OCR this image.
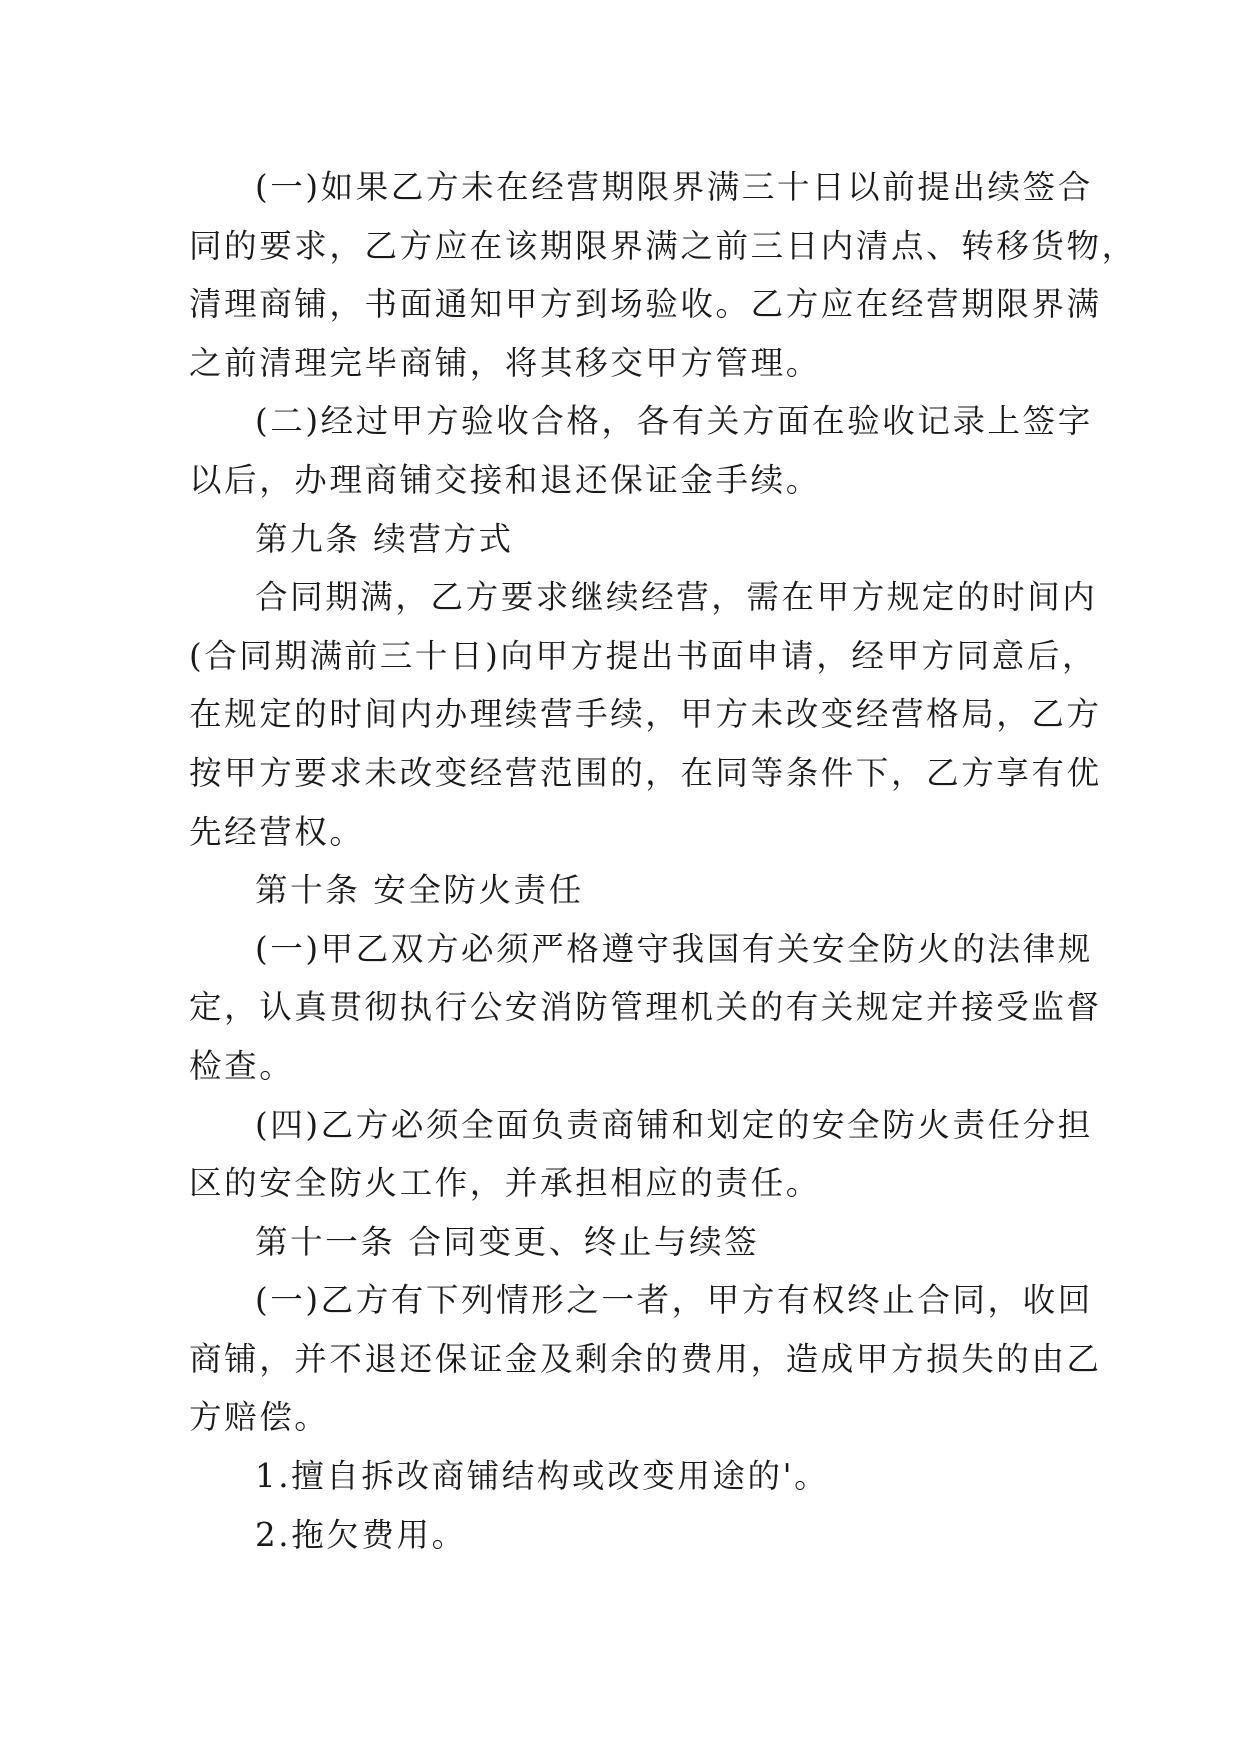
(一)如果乙方未在经营期限界满三十日以前提出续签合
同的要求，乙方应在该期限界满之前三日内清点、转移货物，
清理商铺，书面通知甲方到场验收。乙方应在经营期限界满
之前清理完毕商铺，将其移交甲方管理。
(二)经过甲方验收合格，各有关方面在验收记录上签字
以后，办理商铺交接和退还保证金手续。
第九条 续营方式
合同期满，乙方要求继续经营，需在甲方规定的时间内
(合同期满前三十日)向甲方提出书面申请，经甲方同意后，
在规定的时间内办理续营手续，甲方未改变经营格局，乙方
按甲方要求未改变经营范围的，在同等条件下，乙方享有优
先经营权。
第十条 安全防火责任
(一)甲乙双方必须严格遵守我国有关安全防火的法律规
定，认真贯彻执行公安消防管理机关的有关规定并接受监督
检查。
(四)乙方必须全面负责商铺和划定的安全防火责任分担
区的安全防火工作，并承担相应的责任。
第十一条 合同变更、终止与续签
(一)乙方有下列情形之一者，甲方有权终止合同，收回
商铺，并不退还保证金及剩余的费用，造成甲方损失的由乙
方赔偿。
1.擅自拆改商铺结构或改变用途的'。
2.拖欠费用。
